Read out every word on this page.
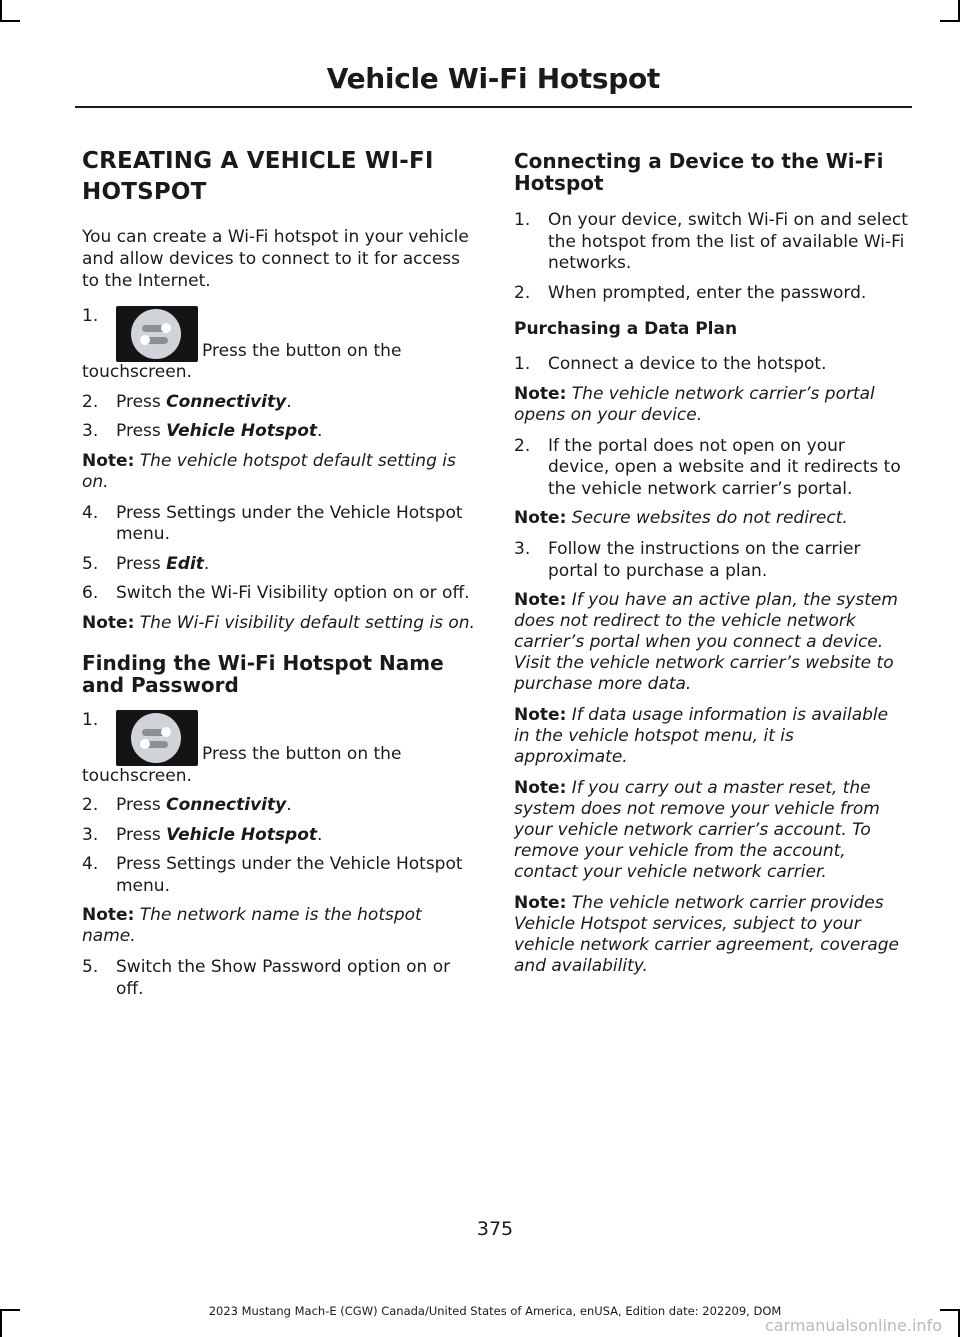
Vehicle Wi-Fi Hotspot
CREATING A VEHICLE WI-FI HOTSPOT
You can create a Wi-Fi hotspot in your vehicle and allow devices to connect to it for access to the Internet.
1.
Press the button on the
touchscreen.
2. Press Connectivity.
3. Press Vehicle Hotspot.
Note: The vehicle hotspot default setting is on.
4. Press Settings under the Vehicle Hotspot menu.
5. Press Edit.
6. Switch the Wi-Fi Visibility option on or off.
Note: The Wi-Fi visibility default setting is on.
Finding the Wi-Fi Hotspot Name and Password
1.
Press the button on the
touchscreen.
2. Press Connectivity.
3. Press Vehicle Hotspot.
4. Press Settings under the Vehicle Hotspot menu.
Note: The network name is the hotspot name.
5. Switch the Show Password option on or off.
Connecting a Device to the Wi-Fi Hotspot
1. On your device, switch Wi-Fi on and select the hotspot from the list of available Wi-Fi networks.
2. When prompted, enter the password.
Purchasing a Data Plan
1. Connect a device to the hotspot.
Note: The vehicle network carrier’s portal opens on your device.
2. If the portal does not open on your device, open a website and it redirects to the vehicle network carrier’s portal.
Note: Secure websites do not redirect.
3. Follow the instructions on the carrier portal to purchase a plan.
Note: If you have an active plan, the system does not redirect to the vehicle network carrier’s portal when you connect a device. Visit the vehicle network carrier’s website to purchase more data.
Note: If data usage information is available in the vehicle hotspot menu, it is approximate.
Note: If you carry out a master reset, the system does not remove your vehicle from your vehicle network carrier’s account. To remove your vehicle from the account, contact your vehicle network carrier.
Note: The vehicle network carrier provides Vehicle Hotspot services, subject to your vehicle network carrier agreement, coverage and availability.
375
2023 Mustang Mach-E (CGW) Canada/United States of America, enUSA, Edition date: 202209, DOM
carmanualsonline.info
